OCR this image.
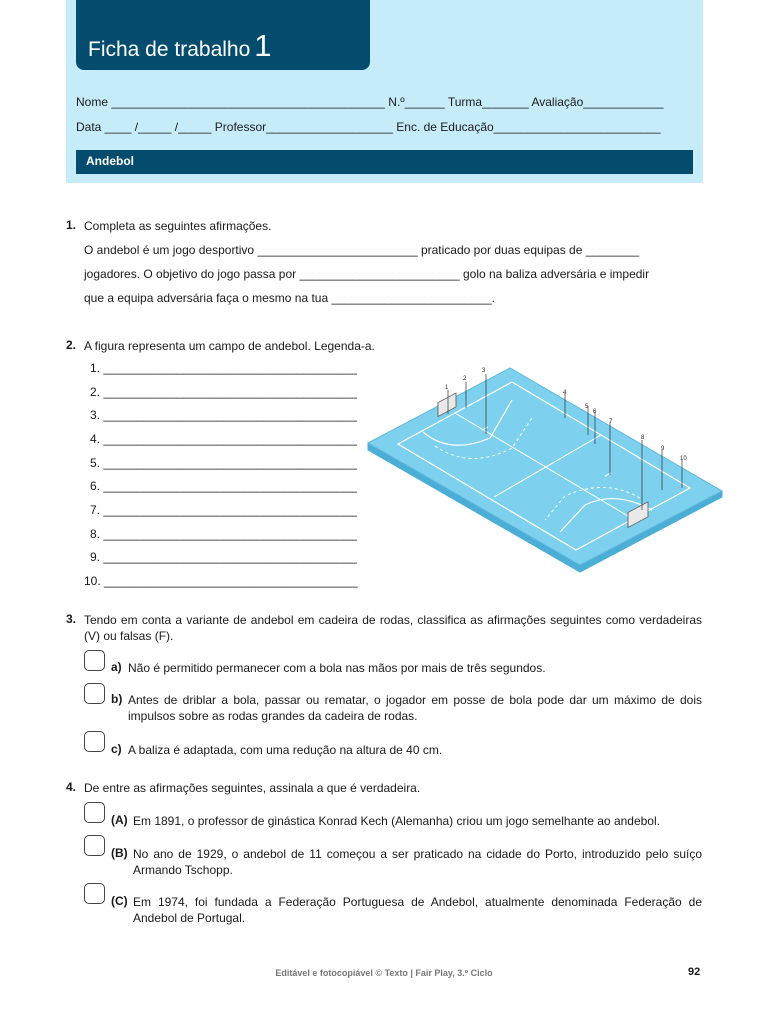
Ficha de trabalho 1
Nome _________________________________________ N.º______ Turma_______ Avaliação____________
Data ____ /_____ /_____ Professor___________________ Enc. de Educação_________________________
Andebol
1. Completa as seguintes afirmações.
O andebol é um jogo desportivo ________________________ praticado por duas equipas de ________
jogadores. O objetivo do jogo passa por ________________________ golo na baliza adversária e impedir
que a equipa adversária faça o mesmo na tua ________________________.
2. A figura representa um campo de andebol. Legenda-a.
1. ______________________________________
2. ______________________________________
3. ______________________________________
4. ______________________________________
5. ______________________________________
6. ______________________________________
7. ______________________________________
8. ______________________________________
9. ______________________________________
10. ______________________________________
1
2
3
4
5
6
7
8
9
10
3. Tendo em conta a variante de andebol em cadeira de rodas, classifica as afirmações seguintes como verdadeiras (V) ou falsas (F).
a) Não é permitido permanecer com a bola nas mãos por mais de três segundos.
b) Antes de driblar a bola, passar ou rematar, o jogador em posse de bola pode dar um máximo de dois impulsos sobre as rodas grandes da cadeira de rodas.
c) A baliza é adaptada, com uma redução na altura de 40 cm.
4. De entre as afirmações seguintes, assinala a que é verdadeira.
(A) Em 1891, o professor de ginástica Konrad Kech (Alemanha) criou um jogo semelhante ao andebol.
(B) No ano de 1929, o andebol de 11 começou a ser praticado na cidade do Porto, introduzido pelo suíço Armando Tschopp.
(C) Em 1974, foi fundada a Federação Portuguesa de Andebol, atualmente denominada Federação de Andebol de Portugal.
Editável e fotocopiável © Texto | Fair Play, 3.º Ciclo	92
